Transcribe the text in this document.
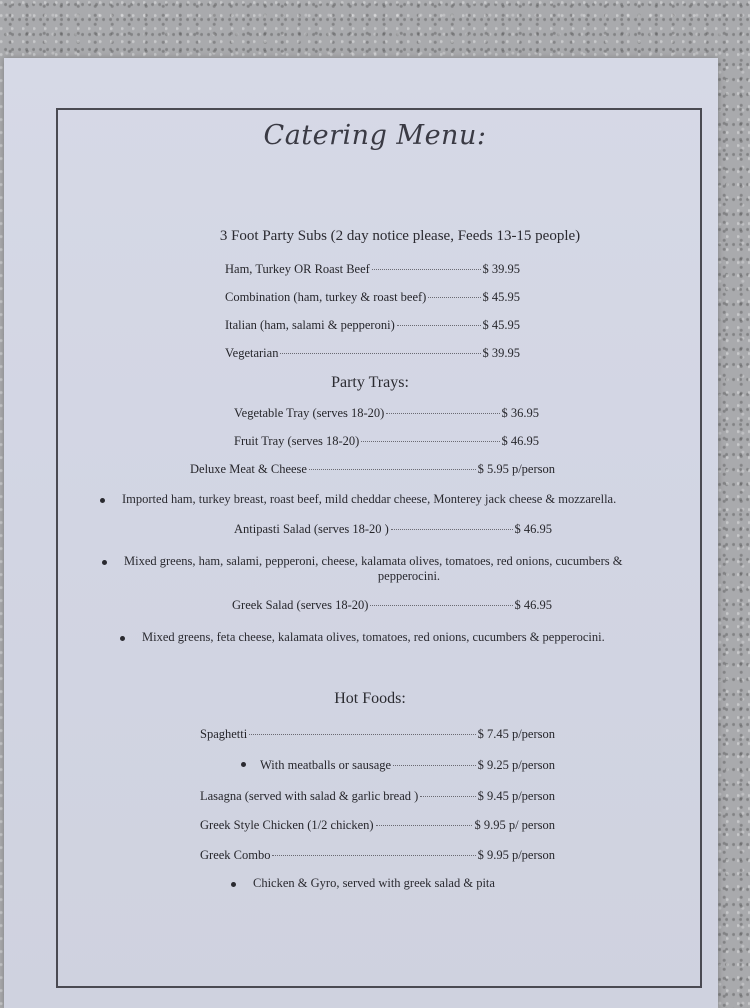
Catering Menu:
3 Foot Party Subs (2 day notice please, Feeds 13-15 people)
Ham, Turkey OR Roast Beef	$ 39.95
Combination (ham, turkey & roast beef)	$ 45.95
Italian (ham, salami & pepperoni)	$ 45.95
Vegetarian	$ 39.95
Party Trays:
Vegetable Tray (serves 18-20)	$ 36.95
Fruit Tray (serves 18-20)	$ 46.95
Deluxe Meat & Cheese	$ 5.95 p/person
Imported ham, turkey breast, roast beef, mild cheddar cheese, Monterey jack cheese & mozzarella.
Antipasti Salad (serves 18-20 )	$ 46.95
Mixed greens, ham, salami, pepperoni, cheese, kalamata olives, tomatoes, red onions, cucumbers &
pepperocini.
Greek Salad (serves 18-20)	$ 46.95
Mixed greens, feta cheese, kalamata olives, tomatoes, red onions, cucumbers & pepperocini.
Hot Foods:
Spaghetti	$ 7.45 p/person
With meatballs or sausage	$ 9.25 p/person
Lasagna (served with salad & garlic bread )	$ 9.45 p/person
Greek Style Chicken (1/2 chicken)	$ 9.95 p/ person
Greek Combo	$ 9.95 p/person
Chicken & Gyro, served with greek salad & pita
